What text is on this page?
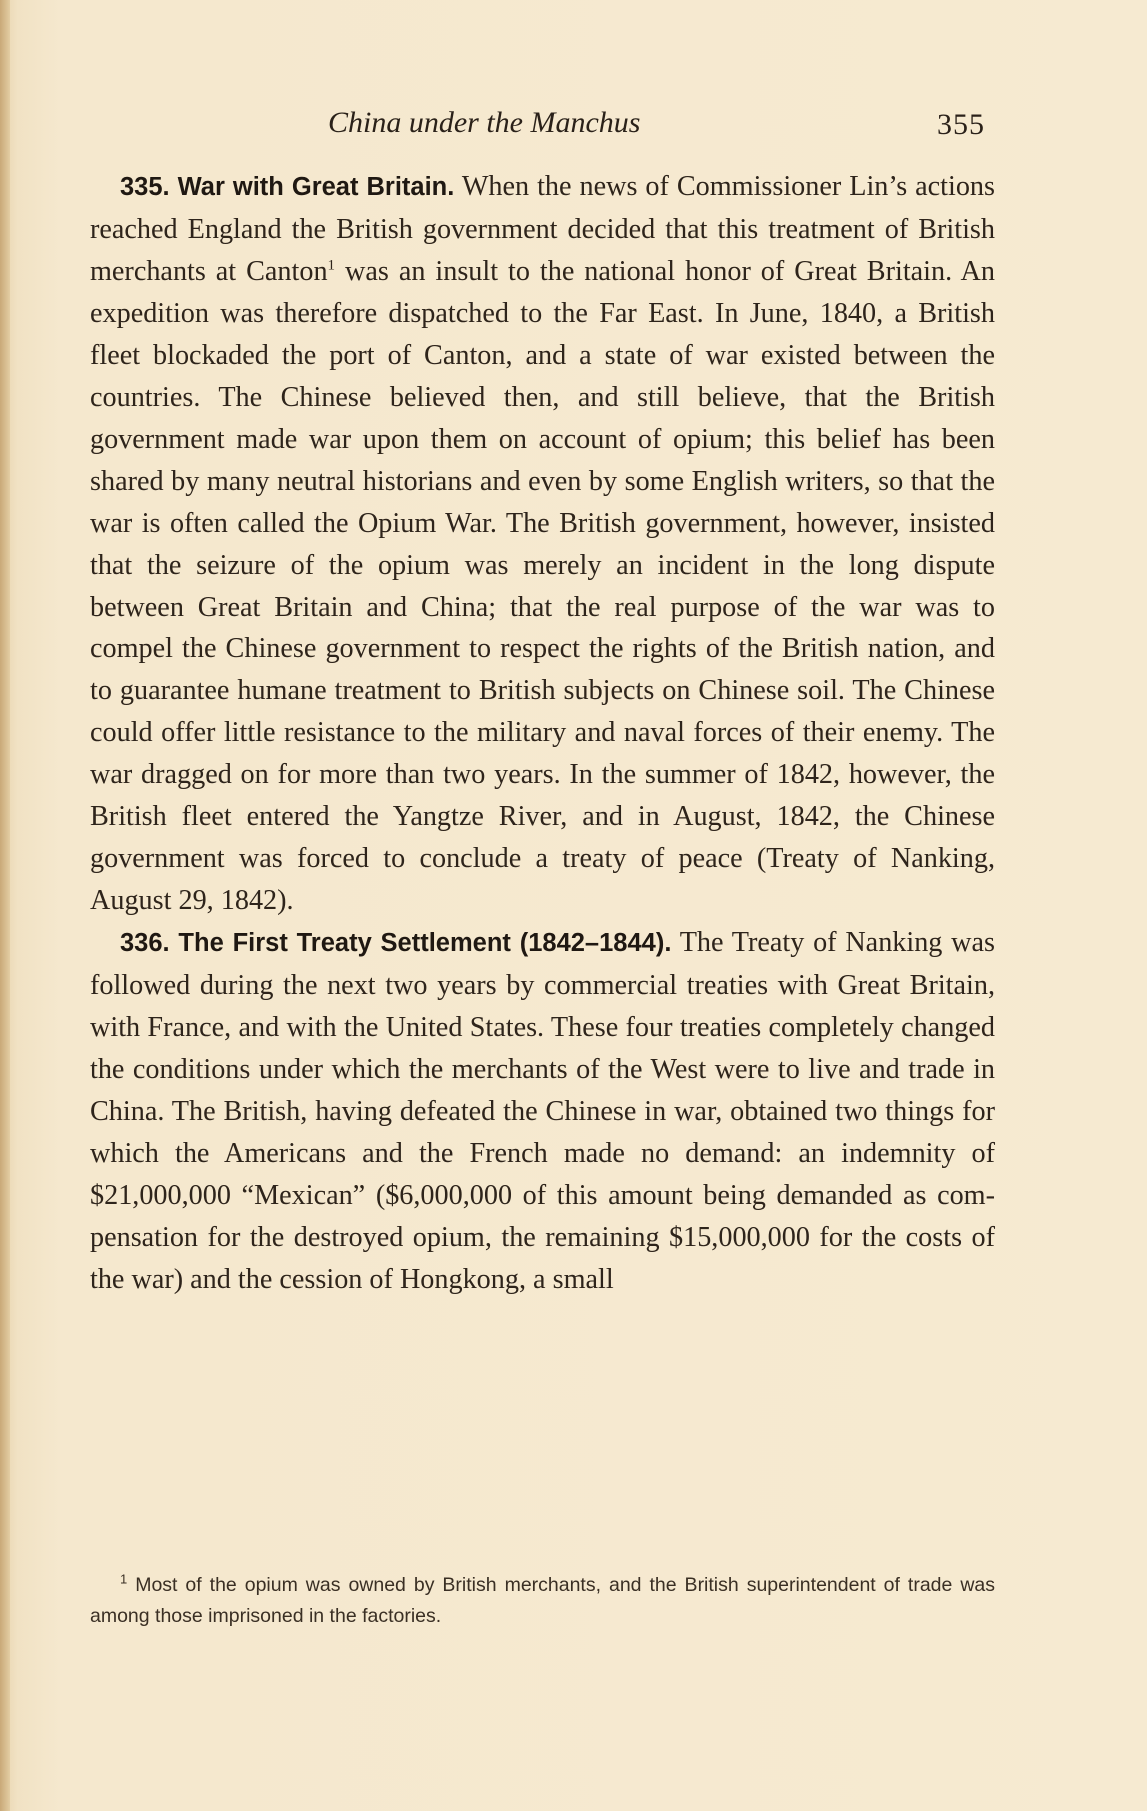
China under the Manchus	355

335. War with Great Britain. When the news of Commissioner Lin’s actions reached England the British government decided that this treatment of British merchants at Canton$^1$ was an insult to the national honor of Great Britain. An expedition was therefore dispatched to the Far East. In June, 1840, a British fleet blockaded the port of Canton, and a state of war existed between the countries. The Chinese believed then, and still believe, that the British government made war upon them on account of opium; this belief has been shared by many neutral historians and even by some English writers, so that the war is often called the Opium War. The British government, however, insisted that the seizure of the opium was merely an incident in the long dispute between Great Britain and China; that the real purpose of the war was to compel the Chinese government to respect the rights of the British nation, and to guarantee humane treatment to British subjects on Chinese soil. The Chinese could offer little resistance to the military and naval forces of their enemy. The war dragged on for more than two years. In the summer of 1842, however, the British fleet entered the Yangtze River, and in August, 1842, the Chinese government was forced to conclude a treaty of peace (Treaty of Nanking, August 29, 1842).

336. The First Treaty Settlement (1842–1844). The Treaty of Nanking was followed during the next two years by commercial treaties with Great Britain, with France, and with the United States. These four treaties completely changed the conditions under which the merchants of the West were to live and trade in China. The British, having defeated the Chinese in war, obtained two things for which the Americans and the French made no demand: an indemnity of $21,000,000 “Mexican” ($6,000,000 of this amount being demanded as compensation for the destroyed opium, the remaining $15,000,000 for the costs of the war) and the cession of Hongkong, a small

$^1$ Most of the opium was owned by British merchants, and the British superintendent of trade was among those imprisoned in the factories.
